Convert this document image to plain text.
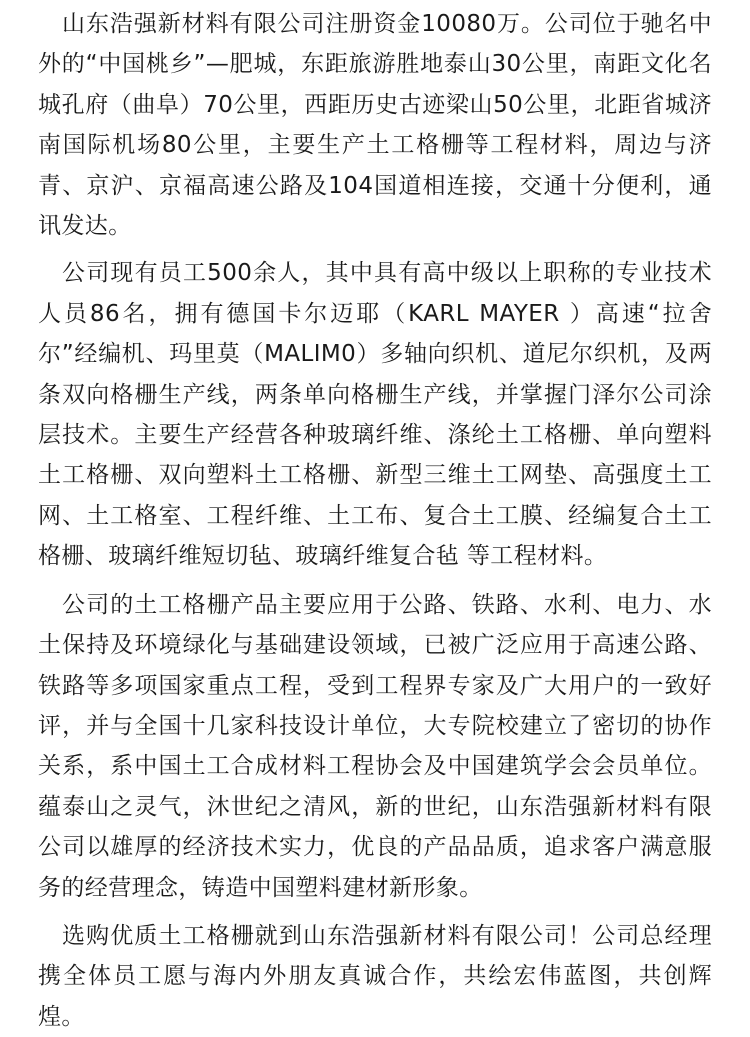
山东浩强新材料有限公司注册资金10080万。公司位于驰名中外的“中国桃乡”—肥城，东距旅游胜地泰山30公里，南距文化名城孔府（曲阜）70公里，西距历史古迹梁山50公里，北距省城济南国际机场80公里，主要生产土工格栅等工程材料，周边与济青、京沪、京福高速公路及104国道相连接，交通十分便利，通讯发达。

公司现有员工500余人，其中具有高中级以上职称的专业技术人员86名，拥有德国卡尔迈耶（KARL MAYER ）高速“拉舍尔”经编机、玛里莫（MALIM0）多轴向织机、道尼尔织机，及两条双向格栅生产线，两条单向格栅生产线，并掌握门泽尔公司涂层技术。主要生产经营各种玻璃纤维、涤纶土工格栅、单向塑料土工格栅、双向塑料土工格栅、新型三维土工网垫、高强度土工网、土工格室、工程纤维、土工布、复合土工膜、经编复合土工格栅、玻璃纤维短切毡、玻璃纤维复合毡 等工程材料。

公司的土工格栅产品主要应用于公路、铁路、水利、电力、水土保持及环境绿化与基础建设领域，已被广泛应用于高速公路、铁路等多项国家重点工程，受到工程界专家及广大用户的一致好评，并与全国十几家科技设计单位，大专院校建立了密切的协作关系，系中国土工合成材料工程协会及中国建筑学会会员单位。 蕴泰山之灵气，沐世纪之清风，新的世纪，山东浩强新材料有限公司以雄厚的经济技术实力，优良的产品品质，追求客户满意服务的经营理念，铸造中国塑料建材新形象。

选购优质土工格栅就到山东浩强新材料有限公司！公司总经理携全体员工愿与海内外朋友真诚合作，共绘宏伟蓝图，共创辉煌。
